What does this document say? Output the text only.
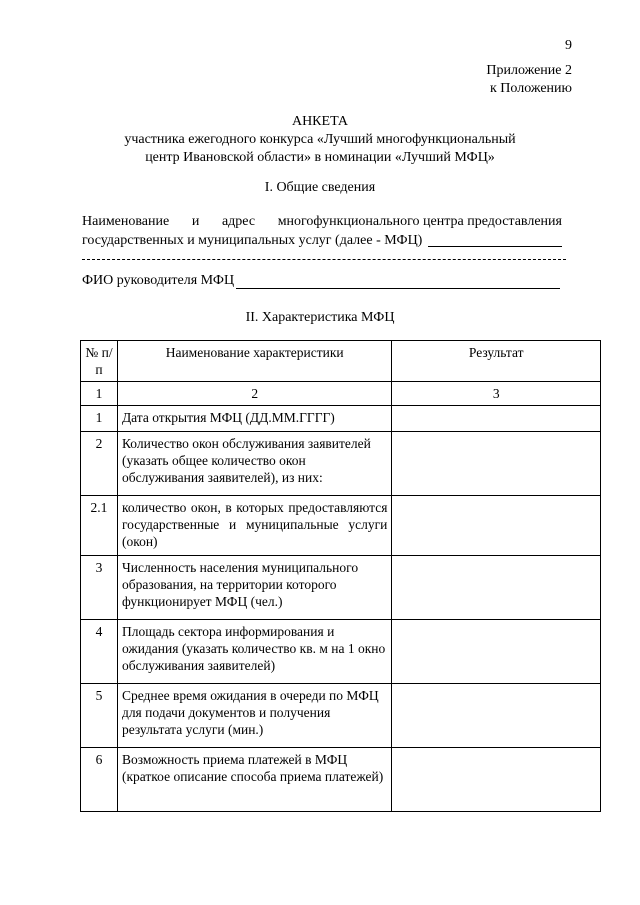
9
Приложение 2
к Положению
АНКЕТА
участника ежегодного конкурса «Лучший многофункциональный
центр Ивановской области» в номинации «Лучший МФЦ»
I. Общие сведения
Наименование и адрес многофункционального центра предоставления
государственных и муниципальных услуг (далее - МФЦ)
ФИО руководителя МФЦ
II. Характеристика МФЦ
№ п/п	Наименование характеристики	Результат
1	2	3
1	Дата открытия МФЦ (ДД.ММ.ГГГГ)	
2	Количество окон обслуживания заявителей (указать общее количество окон обслуживания заявителей), из них:	
2.1	количество окон, в которых предоставляются государственные и муниципальные услуги (окон)	
3	Численность населения муниципального образования, на территории которого функционирует МФЦ (чел.)	
4	Площадь сектора информирования и ожидания (указать количество кв. м на 1 окно обслуживания заявителей)	
5	Среднее время ожидания в очереди по МФЦ для подачи документов и получения результата услуги (мин.)	
6	Возможность приема платежей в МФЦ (краткое описание способа приема платежей)	
